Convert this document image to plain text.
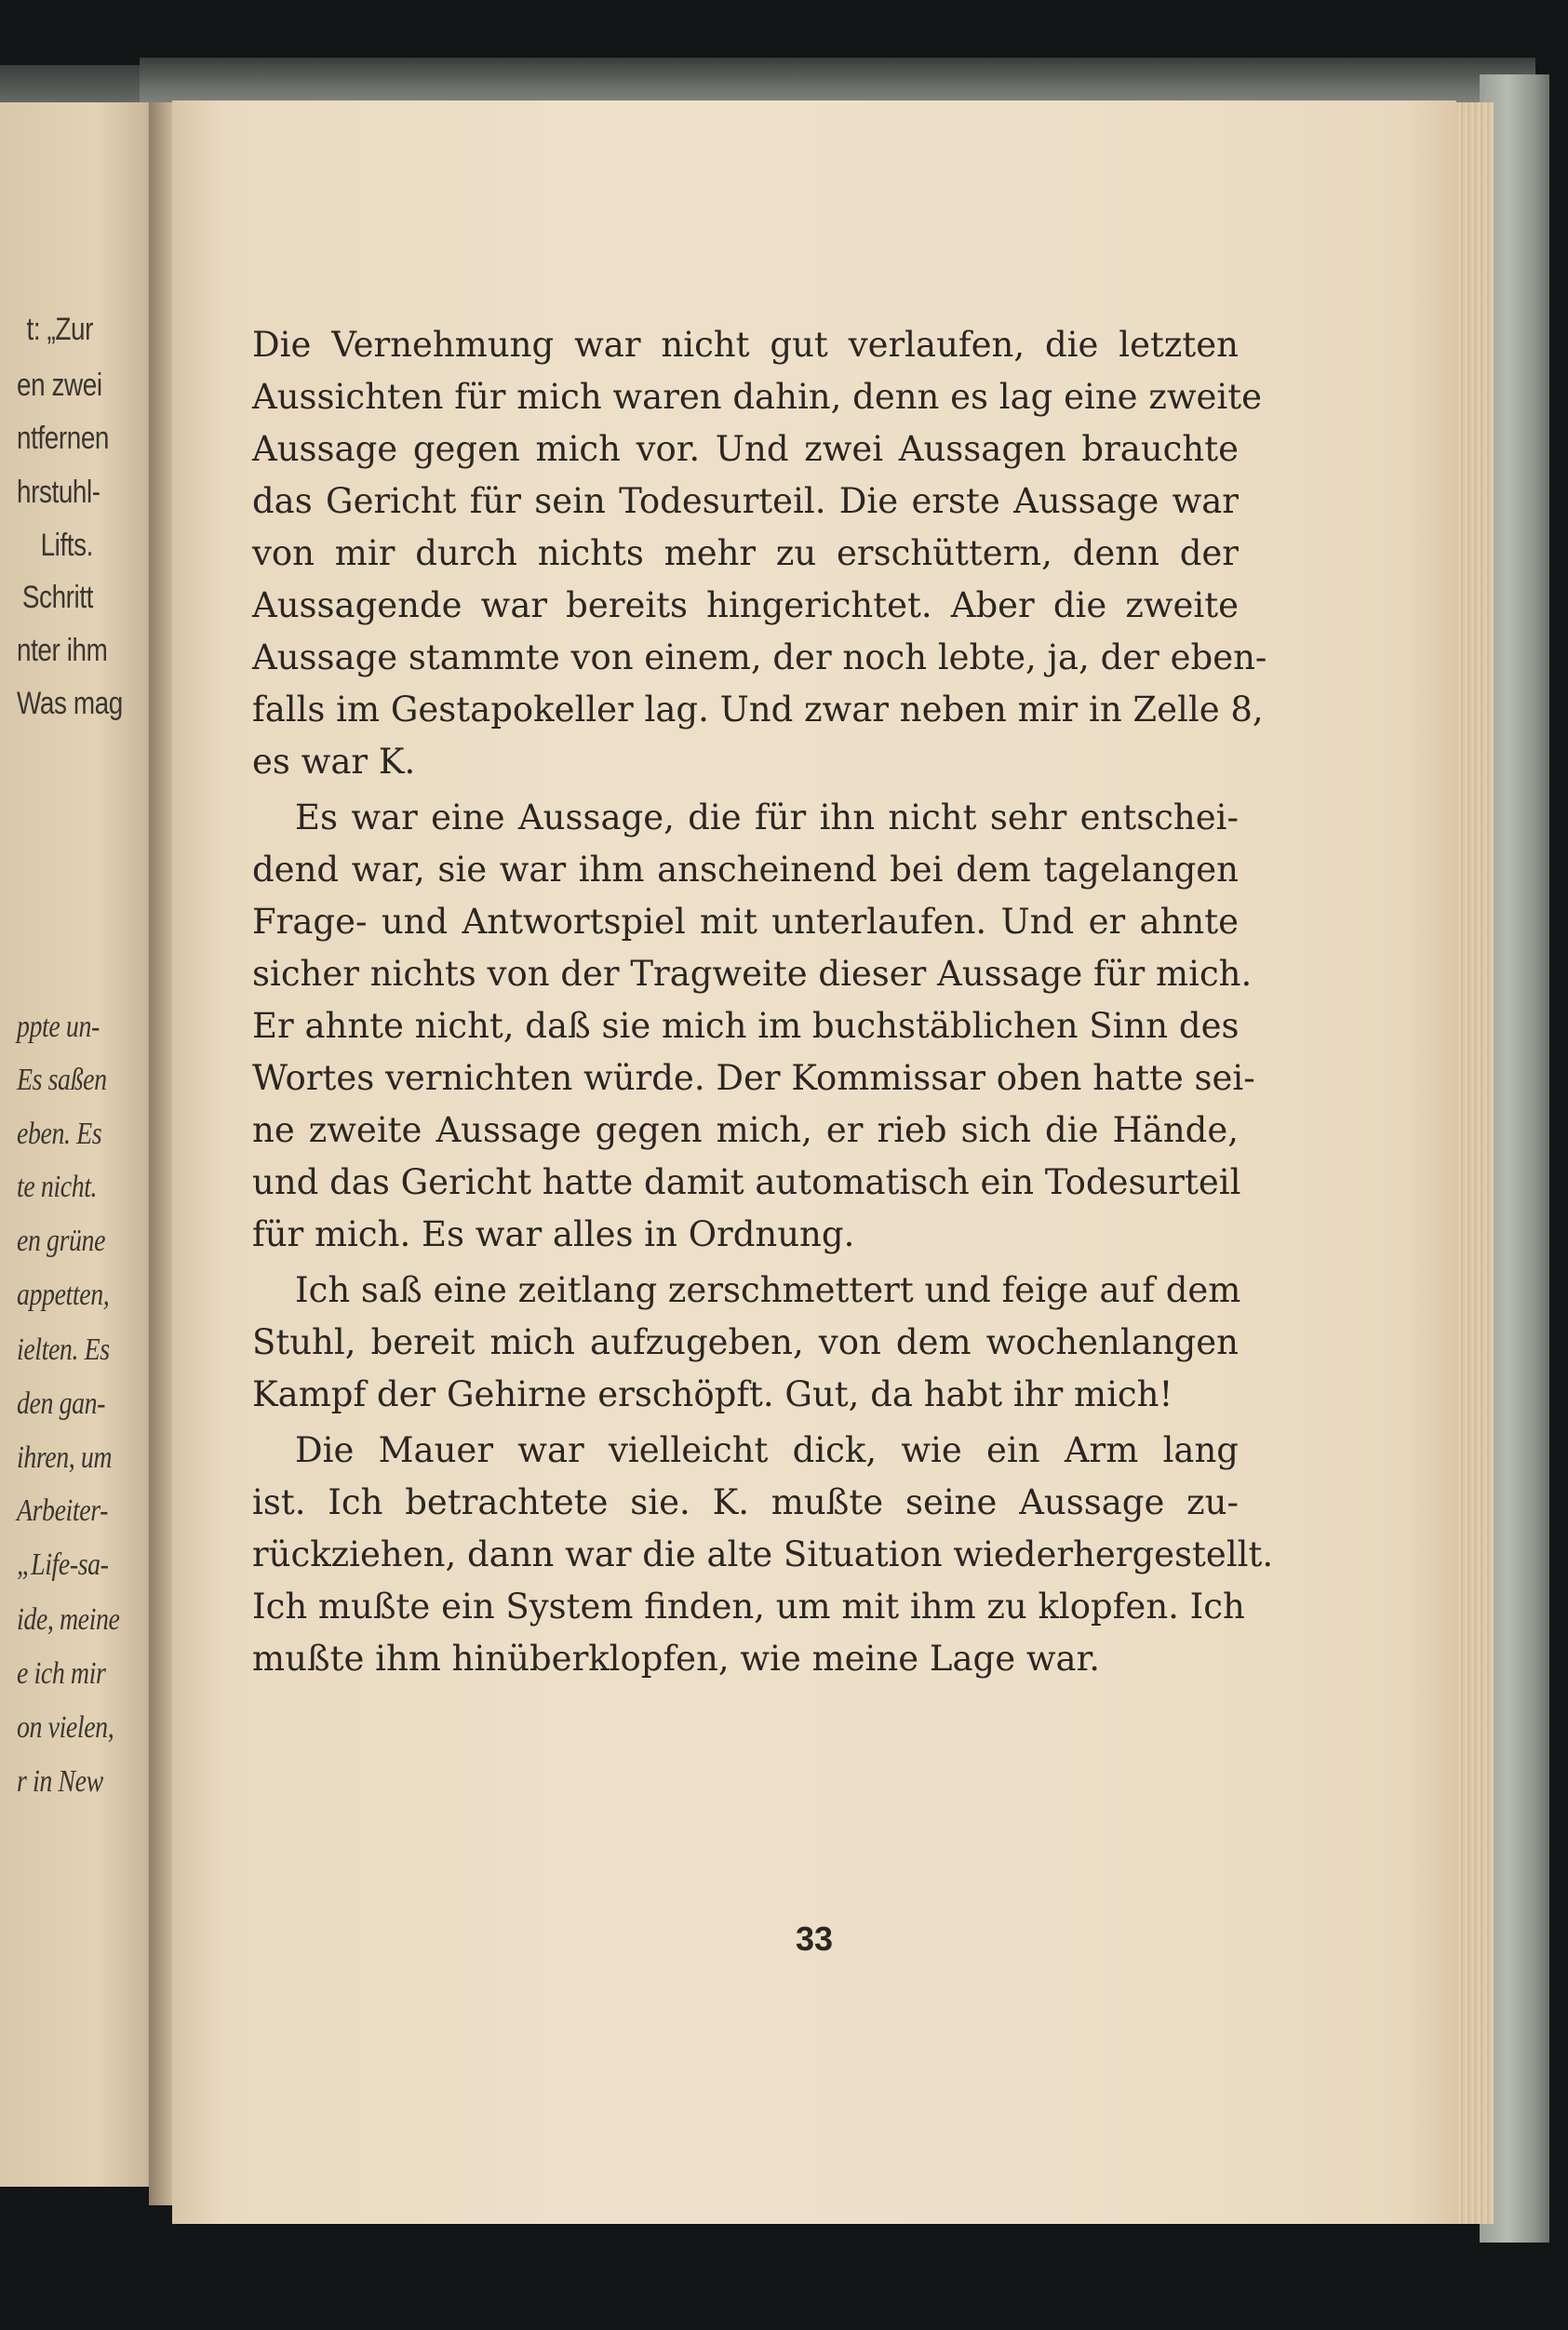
t: „Zur
en zwei
ntfernen
hrstuhl-
Lifts.
Schritt
nter ihm
Was mag
ppte un-
Es saßen
eben. Es
te nicht.
en grüne
appetten,
ielten. Es
den gan-
ihren, um
Arbeiter-
„Life-sa-
ide, meine
e ich mir
on vielen,
r in New
Die Vernehmung war nicht gut verlaufen, die letzten
Aussichten für mich waren dahin, denn es lag eine zweite
Aussage gegen mich vor. Und zwei Aussagen brauchte
das Gericht für sein Todesurteil. Die erste Aussage war
von mir durch nichts mehr zu erschüttern, denn der
Aussagende war bereits hingerichtet. Aber die zweite
Aussage stammte von einem, der noch lebte, ja, der eben-
falls im Gestapokeller lag. Und zwar neben mir in Zelle 8,
es war K.
Es war eine Aussage, die für ihn nicht sehr entschei-
dend war, sie war ihm anscheinend bei dem tagelangen
Frage- und Antwortspiel mit unterlaufen. Und er ahnte
sicher nichts von der Tragweite dieser Aussage für mich.
Er ahnte nicht, daß sie mich im buchstäblichen Sinn des
Wortes vernichten würde. Der Kommissar oben hatte sei-
ne zweite Aussage gegen mich, er rieb sich die Hände,
und das Gericht hatte damit automatisch ein Todesurteil
für mich. Es war alles in Ordnung.
Ich saß eine zeitlang zerschmettert und feige auf dem
Stuhl, bereit mich aufzugeben, von dem wochenlangen
Kampf der Gehirne erschöpft. Gut, da habt ihr mich!
Die Mauer war vielleicht dick, wie ein Arm lang
ist. Ich betrachtete sie. K. mußte seine Aussage zu-
rückziehen, dann war die alte Situation wiederhergestellt.
Ich mußte ein System finden, um mit ihm zu klopfen. Ich
mußte ihm hinüberklopfen, wie meine Lage war.
33
